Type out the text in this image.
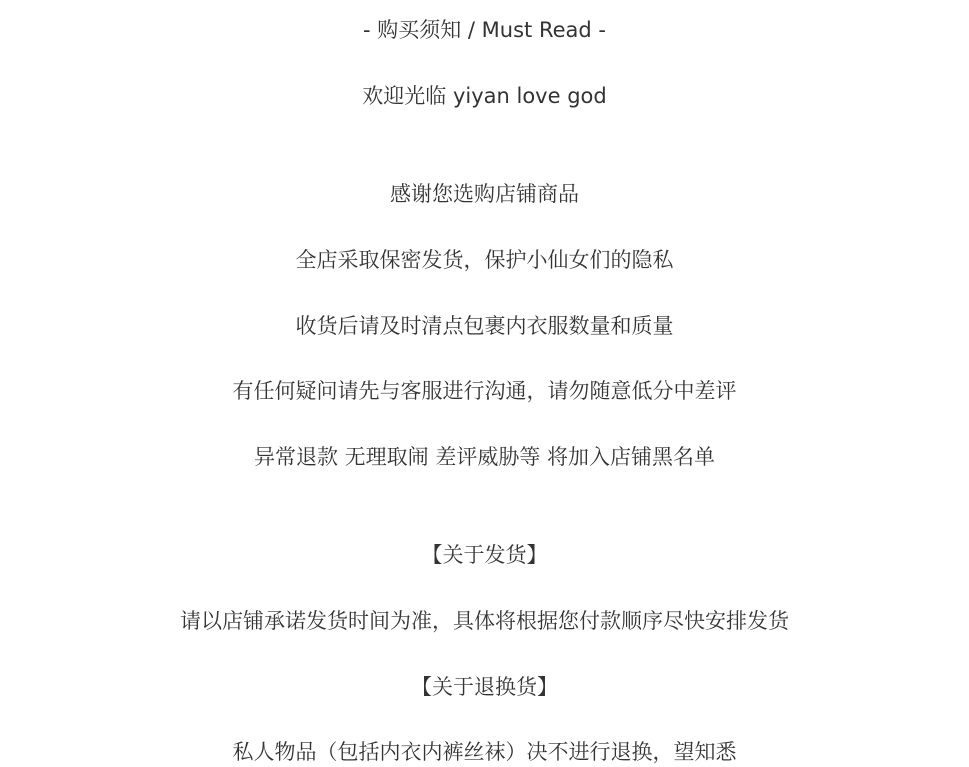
- 购买须知 / Must Read -
欢迎光临 yiyan love god
感谢您选购店铺商品
全店采取保密发货，保护小仙女们的隐私
收货后请及时清点包裹内衣服数量和质量
有任何疑问请先与客服进行沟通，请勿随意低分中差评
异常退款 无理取闹 差评威胁等 将加入店铺黑名单
【关于发货】
请以店铺承诺发货时间为准，具体将根据您付款顺序尽快安排发货
【关于退换货】
私人物品（包括内衣内裤丝袜）决不进行退换，望知悉
